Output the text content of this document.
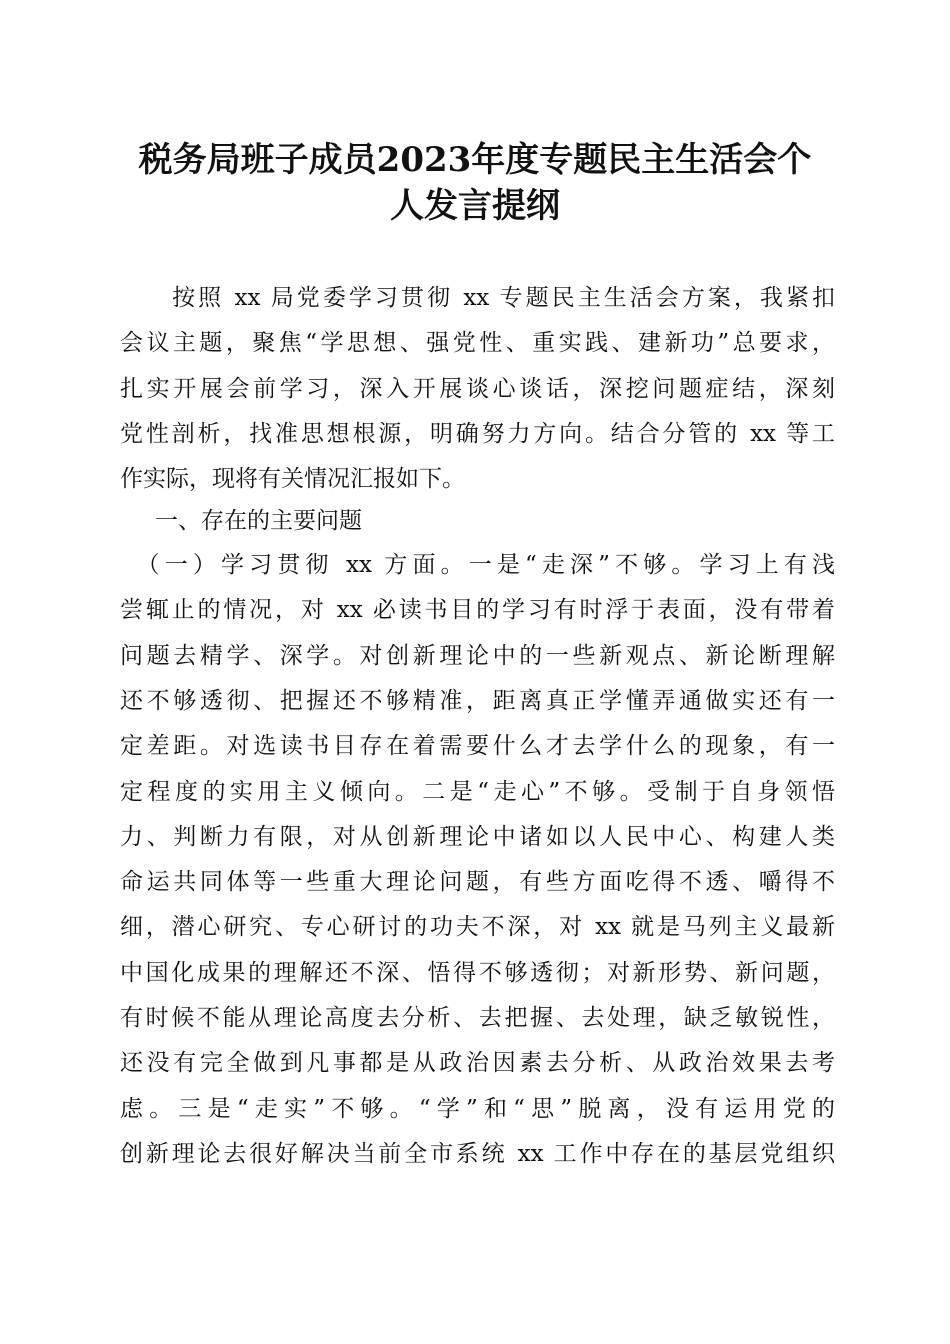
税务局班子成员2023年度专题民主生活会个
人发言提纲
　　按照 xx 局党委学习贯彻 xx 专题民主生活会方案，我紧扣
会议主题，聚焦“学思想、强党性、重实践、建新功”总要求，
扎实开展会前学习，深入开展谈心谈话，深挖问题症结，深刻
党性剖析，找准思想根源，明确努力方向。结合分管的 xx 等工
作实际，现将有关情况汇报如下。
一、存在的主要问题
　（一）学习贯彻 xx 方面。一是“走深”不够。学习上有浅
尝辄止的情况，对 xx 必读书目的学习有时浮于表面，没有带着
问题去精学、深学。对创新理论中的一些新观点、新论断理解
还不够透彻、把握还不够精准，距离真正学懂弄通做实还有一
定差距。对选读书目存在着需要什么才去学什么的现象，有一
定程度的实用主义倾向。二是“走心”不够。受制于自身领悟
力、判断力有限，对从创新理论中诸如以人民中心、构建人类
命运共同体等一些重大理论问题，有些方面吃得不透、嚼得不
细，潜心研究、专心研讨的功夫不深，对 xx 就是马列主义最新
中国化成果的理解还不深、悟得不够透彻；对新形势、新问题，
有时候不能从理论高度去分析、去把握、去处理，缺乏敏锐性，
还没有完全做到凡事都是从政治因素去分析、从政治效果去考
虑。三是“走实”不够。“学”和“思”脱离，没有运用党的
创新理论去很好解决当前全市系统 xx 工作中存在的基层党组织
